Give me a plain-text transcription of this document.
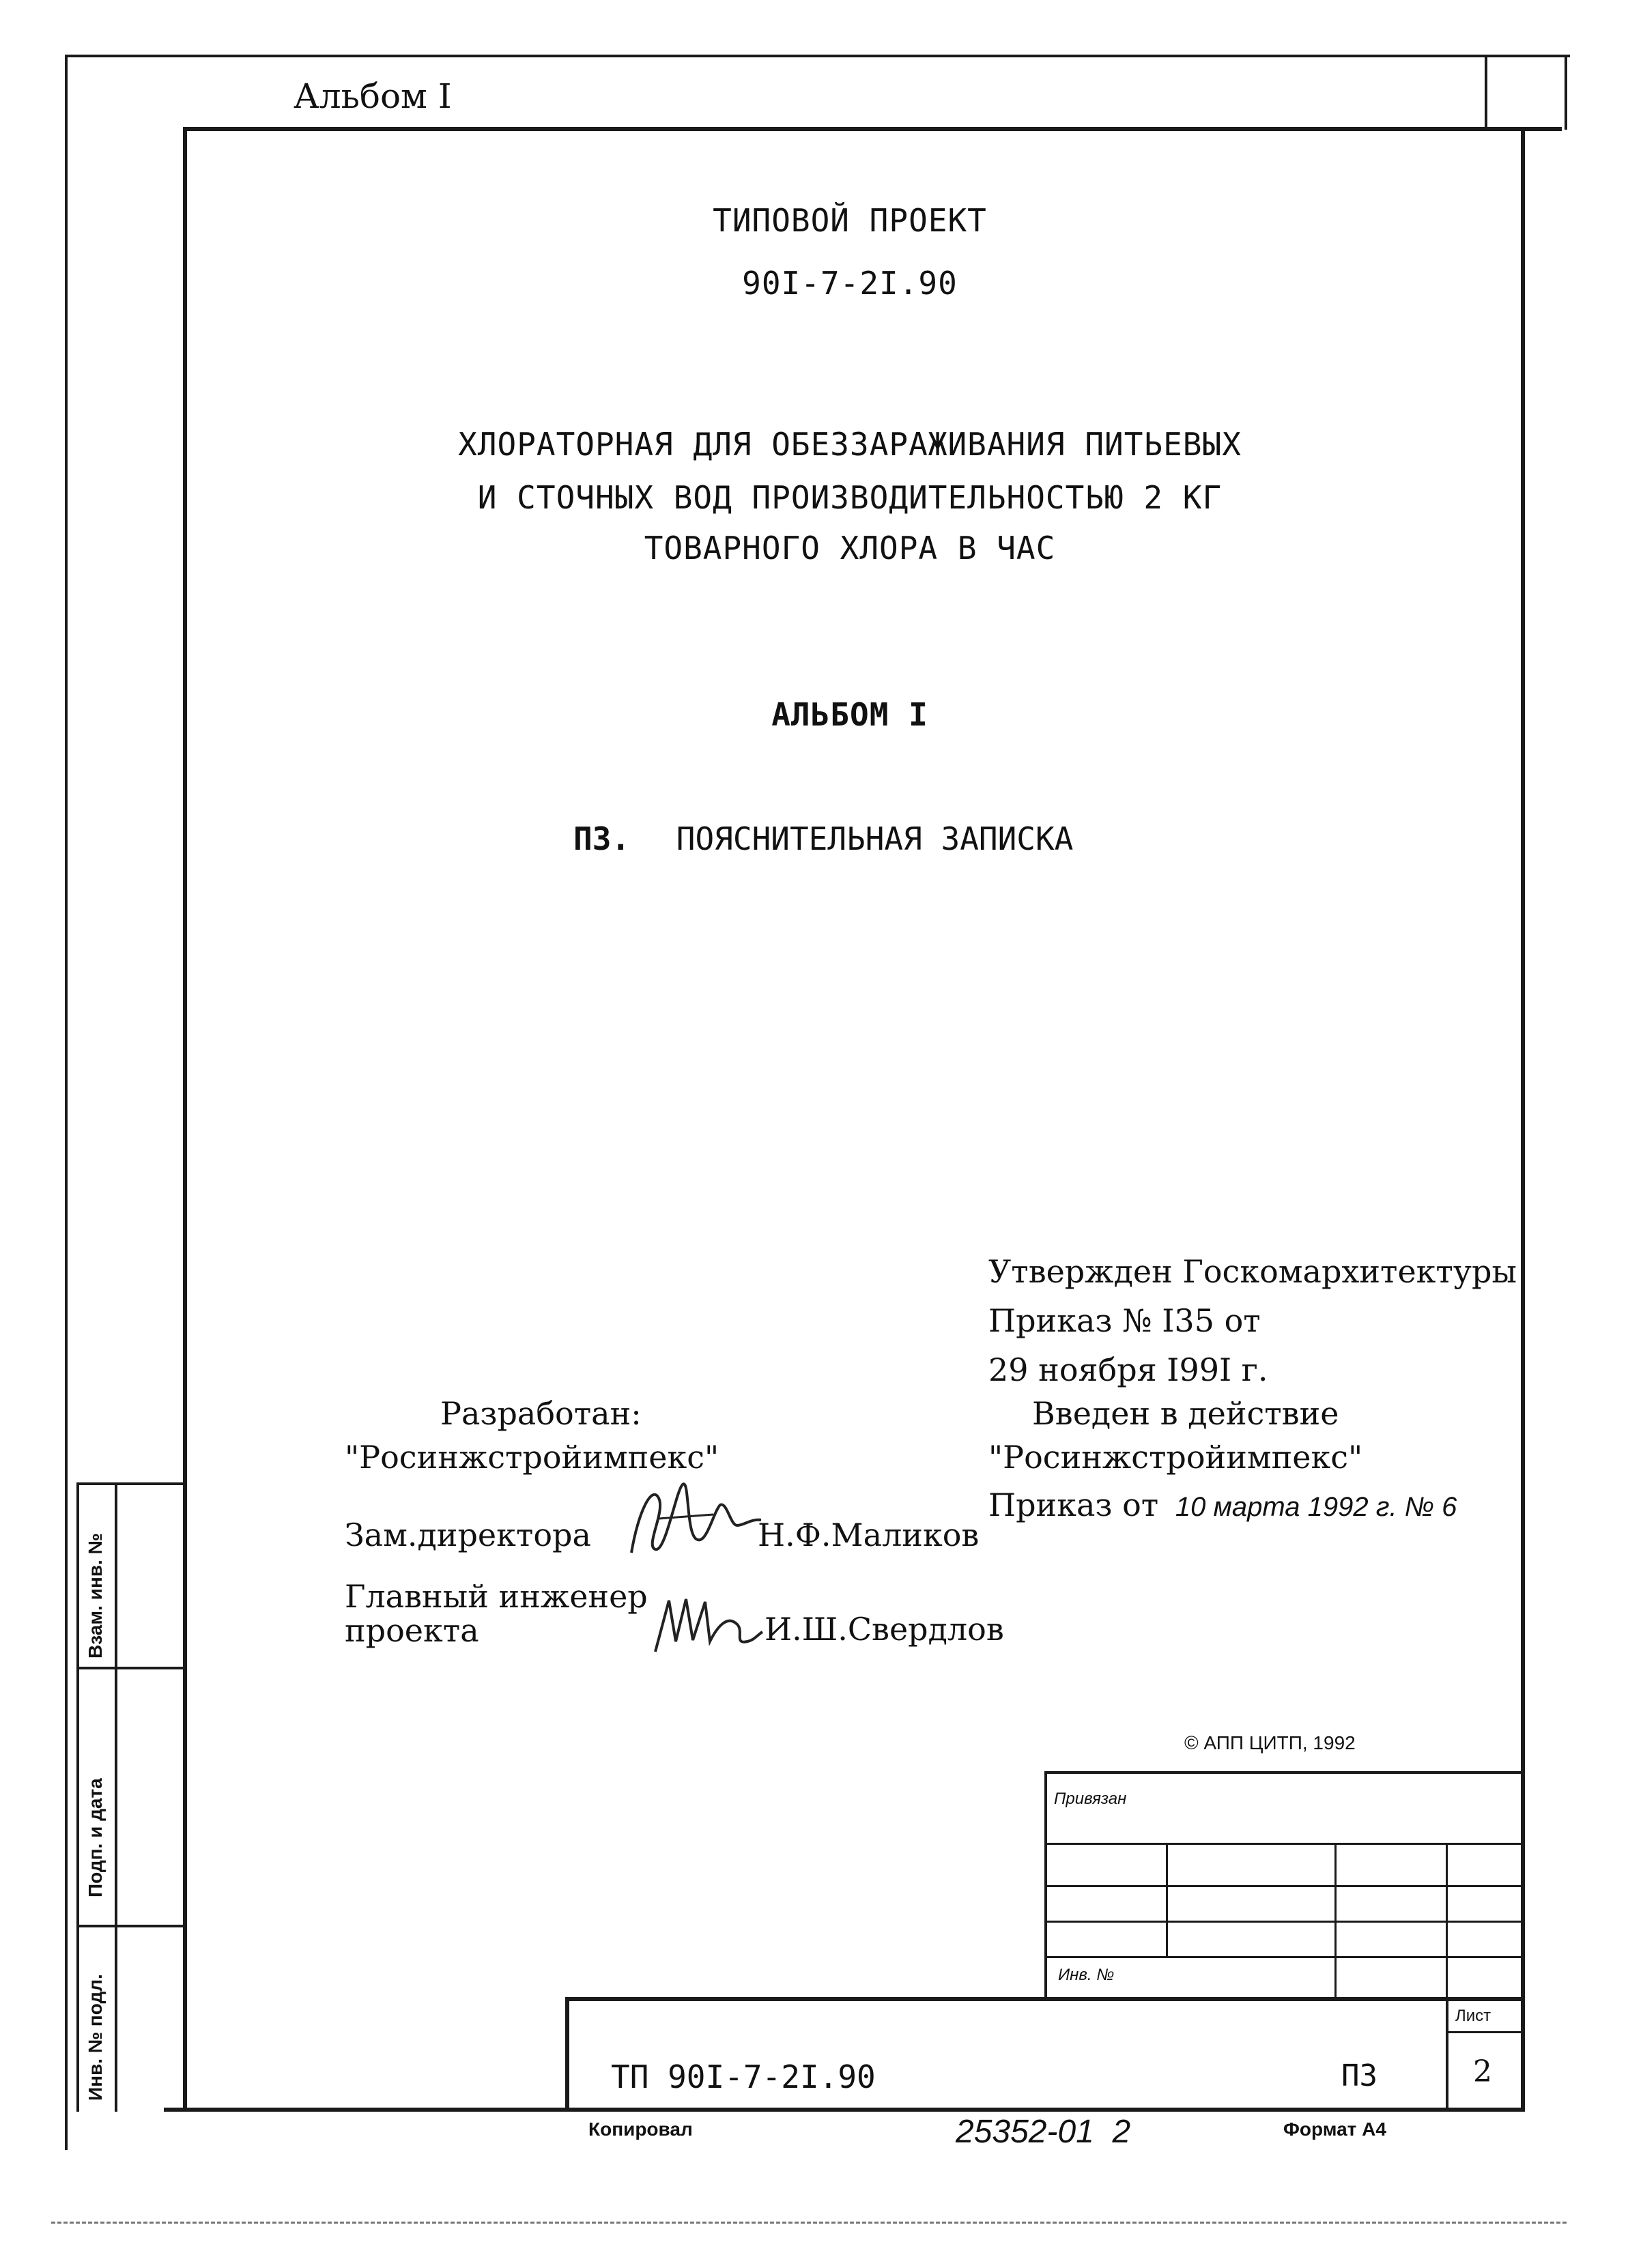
Альбом I
ТИПОВОЙ ПРОЕКТ
90I-7-2I.90
ХЛОРАТОРНАЯ ДЛЯ ОБЕЗЗАРАЖИВАНИЯ ПИТЬЕВЫХ
И СТОЧНЫХ ВОД ПРОИЗВОДИТЕЛЬНОСТЬЮ 2 КГ
ТОВАРНОГО ХЛОРА В ЧАС
АЛЬБОМ I
ПЗ. ПОЯСНИТЕЛЬНАЯ ЗАПИСКА
Утвержден Госкомархитектуры
Приказ № I35 от
29 ноября I99I г.
Введен в действие
"Росинжстройимпекс"
Приказ от 10 марта 1992 г. № 6
Разработан:
"Росинжстройимпекс"
Зам.директора	Н.Ф.Маликов
Главный инженер
проекта	И.Ш.Свердлов
© АПП ЦИТП, 1992
Взам. инв. №
Подп. и дата
Инв. № подл.
Привязан
Инв. №
Лист
2
ТП 90I-7-2I.90	ПЗ
Копировал	25352-01  2	Формат А4
